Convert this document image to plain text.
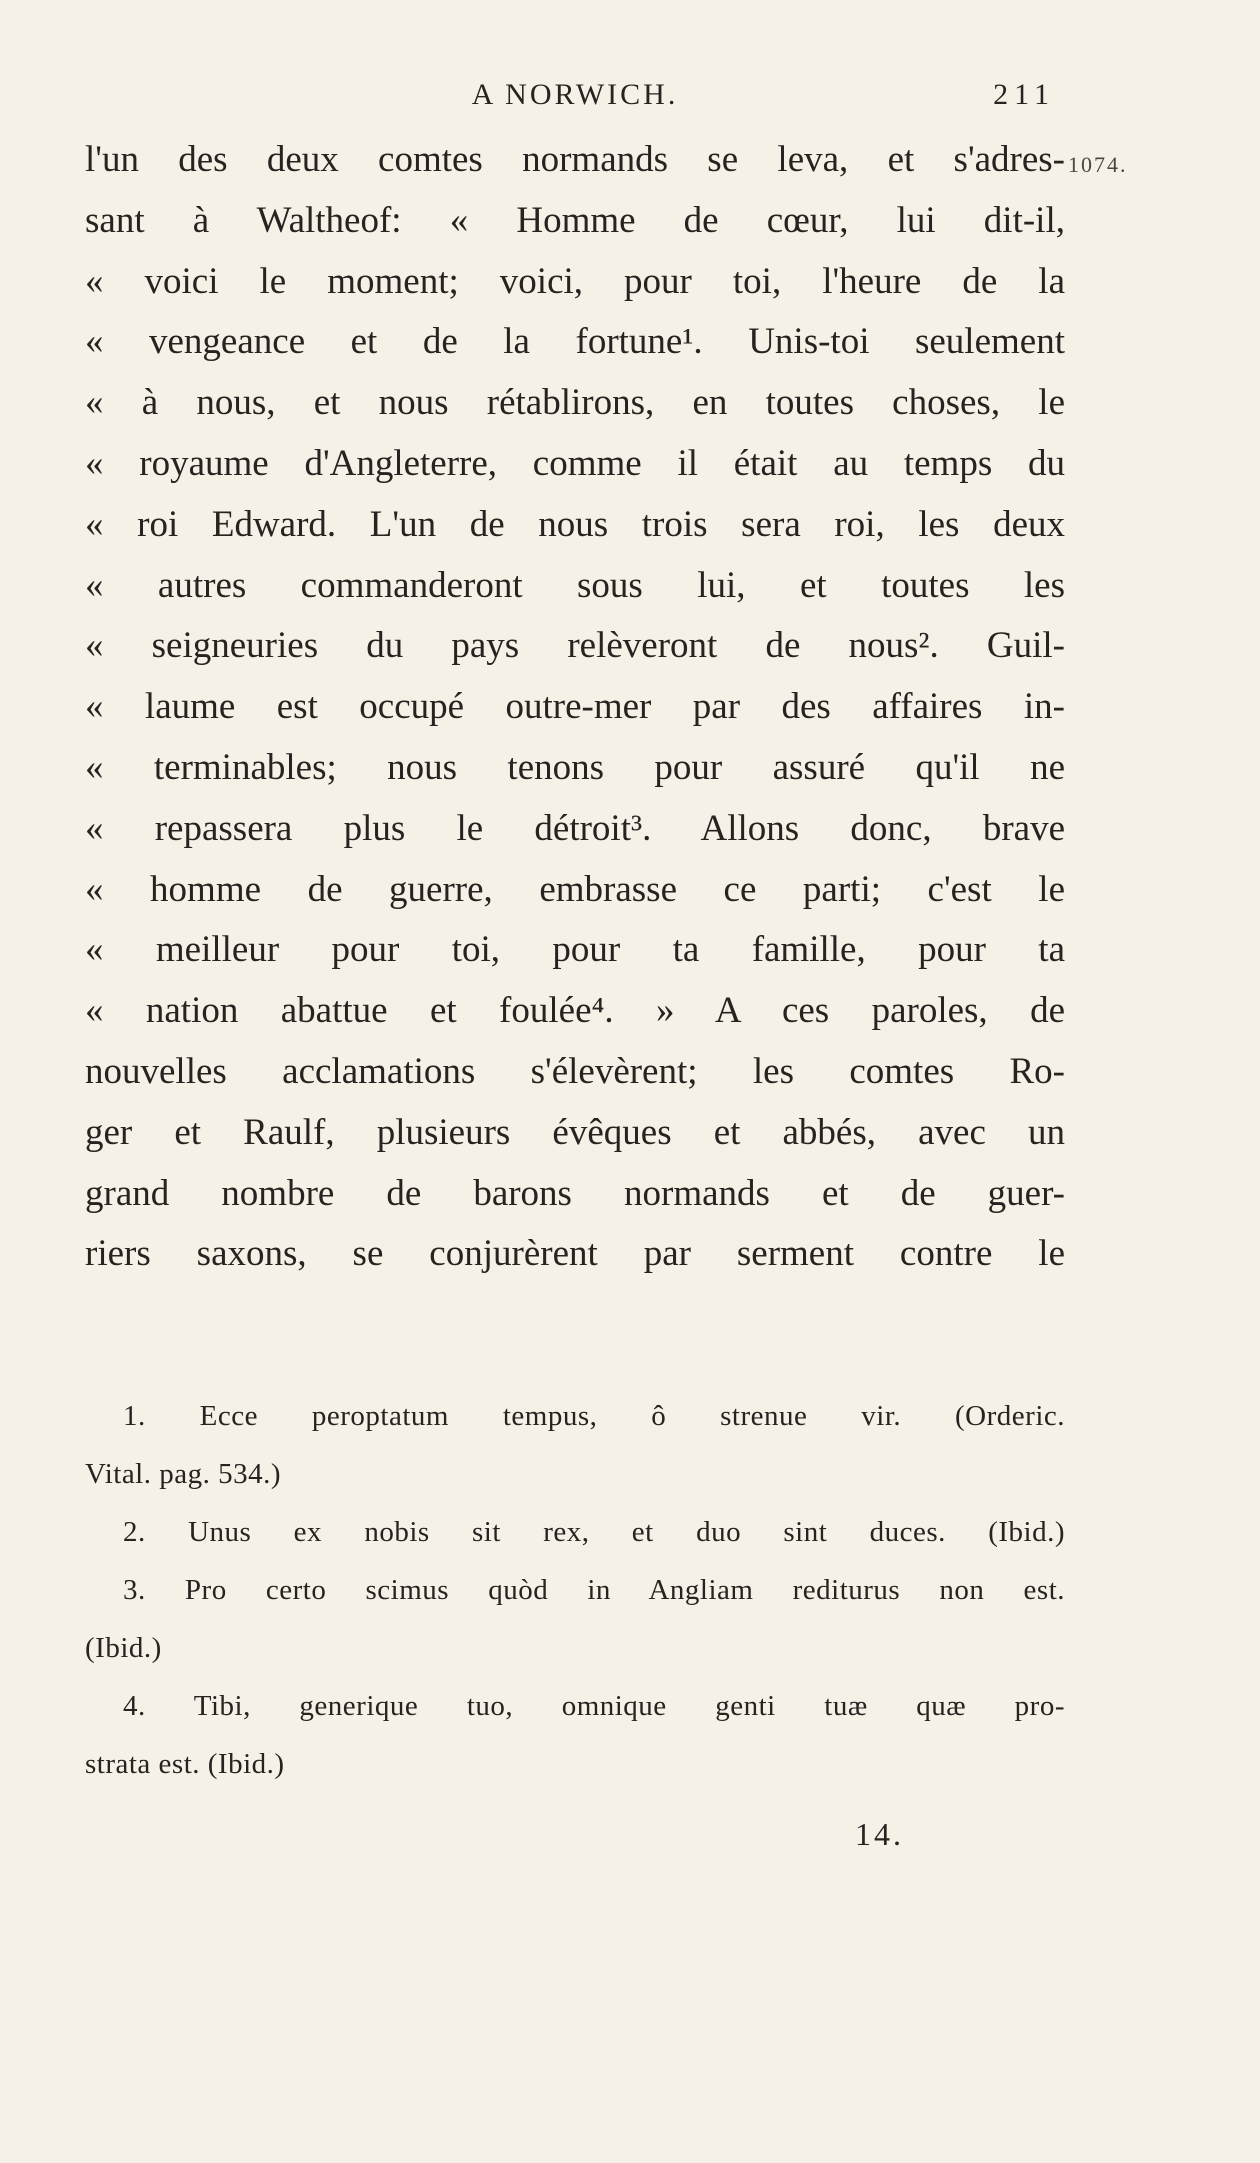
A NORWICH.	211
1074.
l'un des deux comtes normands se leva, et s'adres-
sant à Waltheof: « Homme de cœur, lui dit-il,
« voici le moment; voici, pour toi, l'heure de la
« vengeance et de la fortune¹. Unis-toi seulement
« à nous, et nous rétablirons, en toutes choses, le
« royaume d'Angleterre, comme il était au temps du
« roi Edward. L'un de nous trois sera roi, les deux
« autres commanderont sous lui, et toutes les
« seigneuries du pays relèveront de nous². Guil-
« laume est occupé outre-mer par des affaires in-
« terminables; nous tenons pour assuré qu'il ne
« repassera plus le détroit³. Allons donc, brave
« homme de guerre, embrasse ce parti; c'est le
« meilleur pour toi, pour ta famille, pour ta
« nation abattue et foulée⁴. » A ces paroles, de
nouvelles acclamations s'élevèrent; les comtes Ro-
ger et Raulf, plusieurs évêques et abbés, avec un
grand nombre de barons normands et de guer-
riers saxons, se conjurèrent par serment contre le
1. Ecce peroptatum tempus, ô strenue vir. (Orderic.
Vital. pag. 534.)
2. Unus ex nobis sit rex, et duo sint duces. (Ibid.)
3. Pro certo scimus quòd in Angliam rediturus non est.
(Ibid.)
4. Tibi, generique tuo, omnique genti tuæ quæ pro-
strata est. (Ibid.)
14.
